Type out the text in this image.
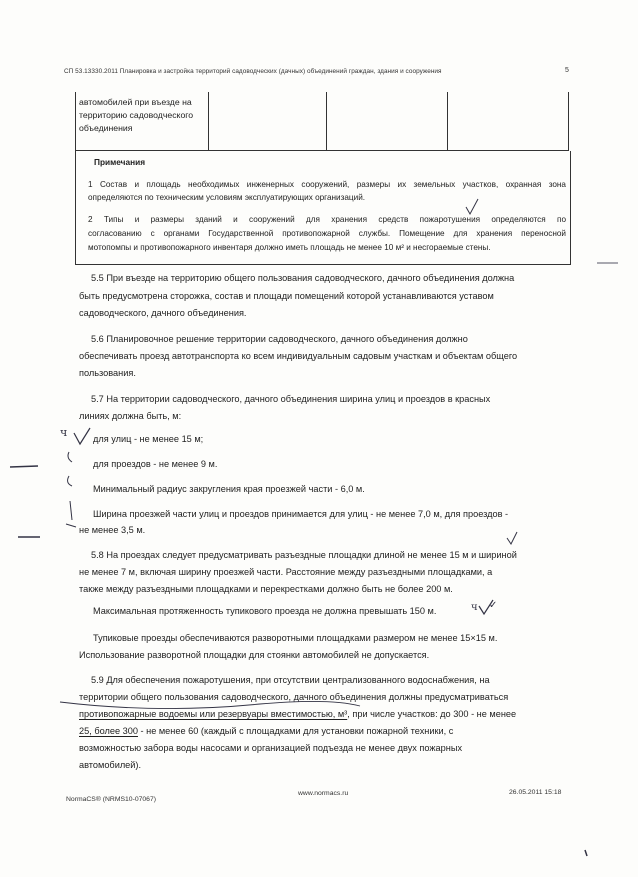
СП 53.13330.2011 Планировка и застройка территорий садоводческих (дачных) объединений граждан, здания и сооружения	5
автомобилей при въезде на
территорию садоводческого
объединения
Примечания
1 Состав и площадь необходимых инженерных сооружений, размеры их земельных участков, охранная зона
определяются по техническим условиям эксплуатирующих организаций.
2 Типы и размеры зданий и сооружений для хранения средств пожаротушения определяются по
согласованию с органами Государственной противопожарной службы. Помещение для хранения переносной
мотопомпы и противопожарного инвентаря должно иметь площадь не менее 10 м² и несгораемые стены.
5.5 При въезде на территорию общего пользования садоводческого, дачного объединения должна
быть предусмотрена сторожка, состав и площади помещений которой устанавливаются уставом
садоводческого, дачного объединения.
5.6 Планировочное решение территории садоводческого, дачного объединения должно
обеспечивать проезд автотранспорта ко всем индивидуальным садовым участкам и объектам общего
пользования.
5.7 На территории садоводческого, дачного объединения ширина улиц и проездов в красных
линиях должна быть, м:
для улиц - не менее 15 м;
для проездов - не менее 9 м.
Минимальный радиус закругления края проезжей части - 6,0 м.
Ширина проезжей части улиц и проездов принимается для улиц - не менее 7,0 м, для проездов -
не менее 3,5 м.
5.8 На проездах следует предусматривать разъездные площадки длиной не менее 15 м и шириной
не менее 7 м, включая ширину проезжей части. Расстояние между разъездными площадками, а
также между разъездными площадками и перекрестками должно быть не более 200 м.
Максимальная протяженность тупикового проезда не должна превышать 150 м.
Тупиковые проезды обеспечиваются разворотными площадками размером не менее 15×15 м.
Использование разворотной площадки для стоянки автомобилей не допускается.
5.9 Для обеспечения пожаротушения, при отсутствии централизованного водоснабжения, на
территории общего пользования садоводческого, дачного объединения должны предусматриваться
противопожарные водоемы или резервуары вместимостью, м³, при числе участков: до 300 - не менее
25, более 300 - не менее 60 (каждый с площадками для установки пожарной техники, с
возможностью забора воды насосами и организацией подъезда не менее двух пожарных
автомобилей).
ч
ч ✓
NormaCS® (NRMS10-07067)
www.normacs.ru	26.05.2011 15:18
